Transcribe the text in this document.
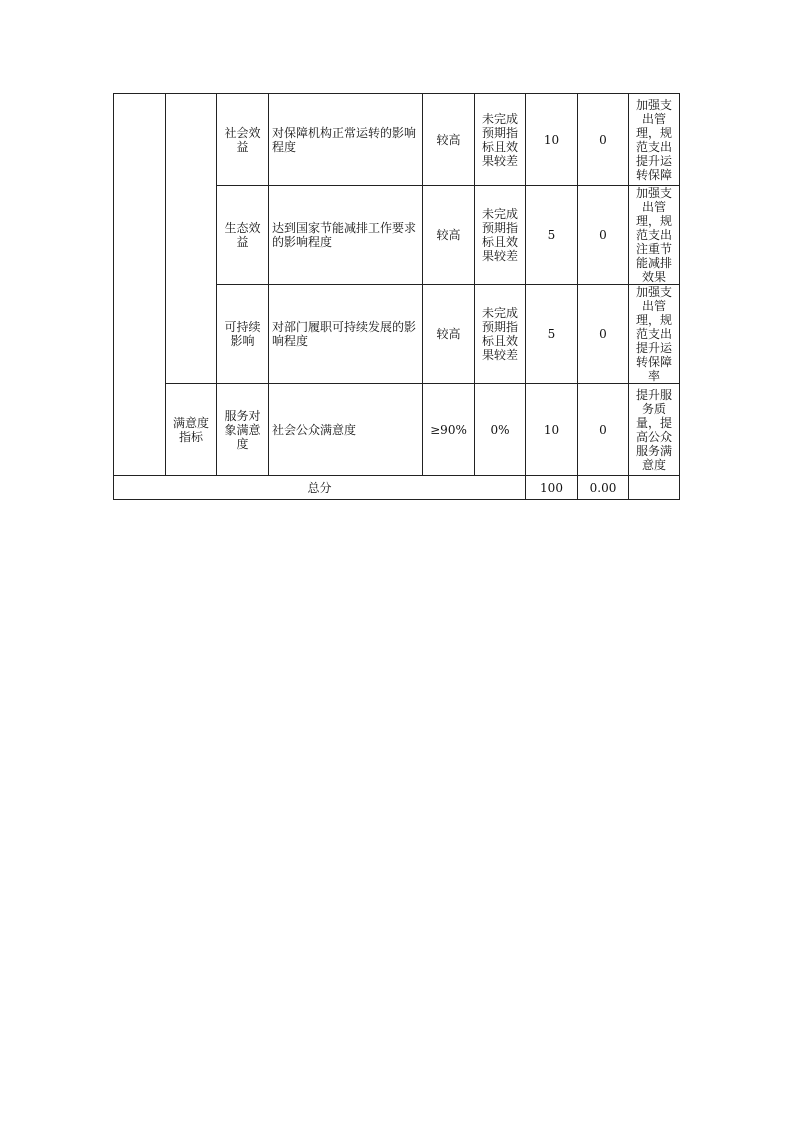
		社会效益	对保障机构正常运转的影响程度	较高	未完成预期指标且效果较差	10	0	加强支出管理，规范支出提升运转保障
		生态效益	达到国家节能减排工作要求的影响程度	较高	未完成预期指标且效果较差	5	0	加强支出管理，规范支出注重节能减排效果
		可持续影响	对部门履职可持续发展的影响程度	较高	未完成预期指标且效果较差	5	0	加强支出管理，规范支出提升运转保障率
	满意度指标	服务对象满意度	社会公众满意度	≥90%	0%	10	0	提升服务质量，提高公众服务满意度
总分						100	0.00	
